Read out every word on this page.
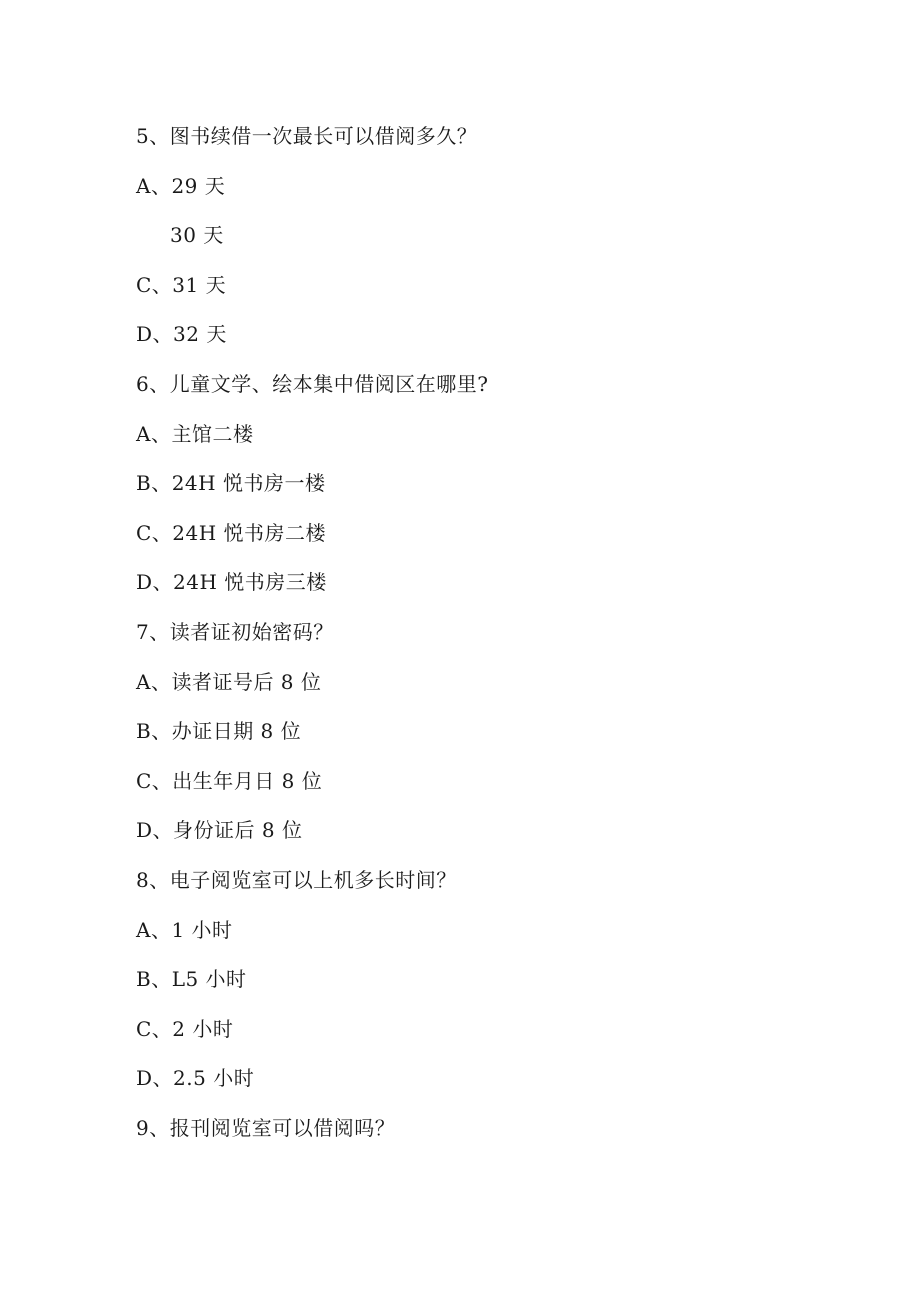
5、图书续借一次最长可以借阅多久？
A、29 天
30 天
C、31 天
D、32 天
6、儿童文学、绘本集中借阅区在哪里?
A、主馆二楼
B、24H 悦书房一楼
C、24H 悦书房二楼
D、24H 悦书房三楼
7、读者证初始密码？
A、读者证号后 8 位
B、办证日期 8 位
C、出生年月日 8 位
D、身份证后 8 位
8、电子阅览室可以上机多长时间？
A、1 小时
B、L5 小时
C、2 小时
D、2.5 小时
9、报刊阅览室可以借阅吗？
